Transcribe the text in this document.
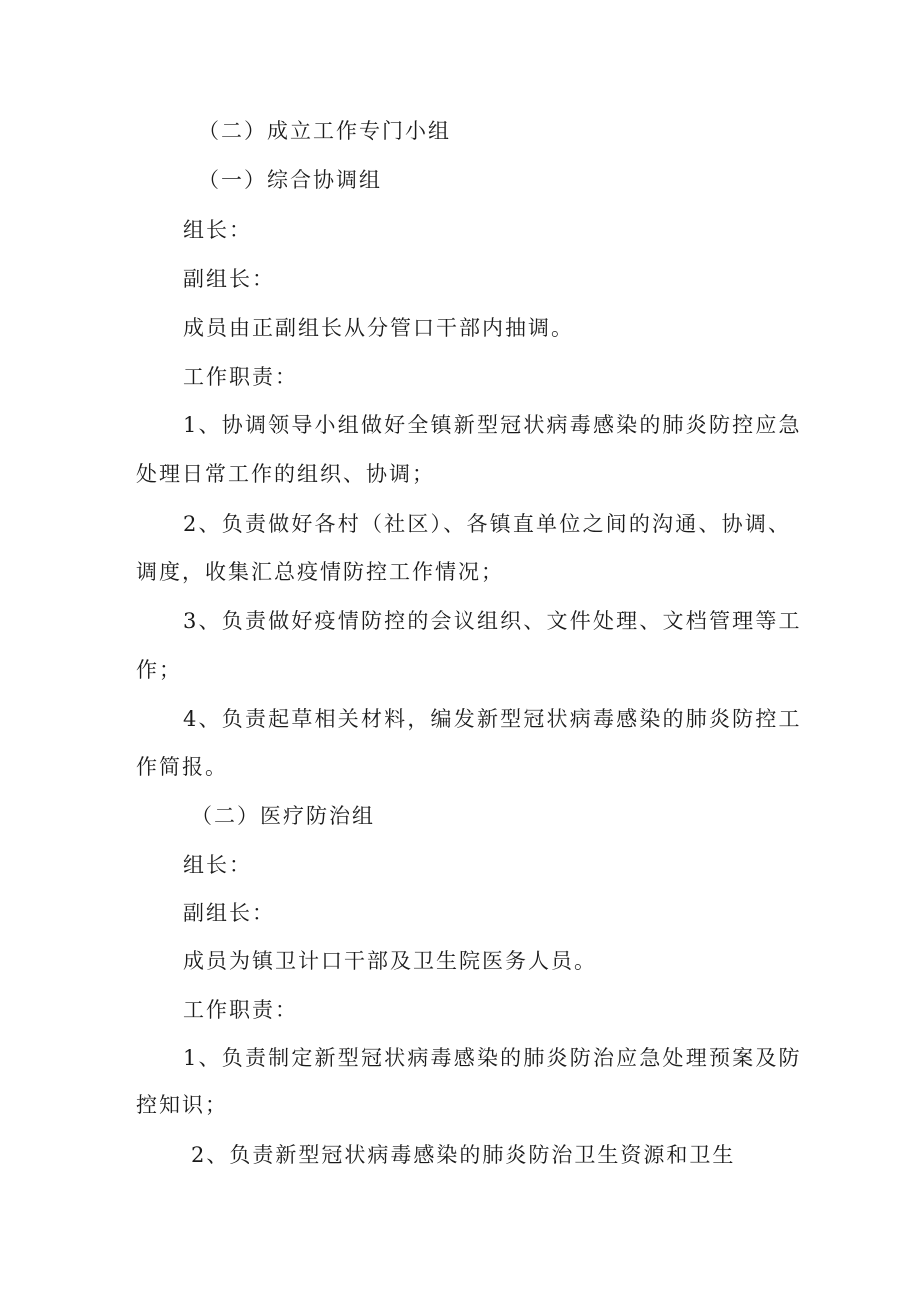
（二）成立工作专门小组
（一）综合协调组
组长：
副组长：
成员由正副组长从分管口干部内抽调。
工作职责：
1、协调领导小组做好全镇新型冠状病毒感染的肺炎防控应急
处理日常工作的组织、协调；
2、负责做好各村（社区）、各镇直单位之间的沟通、协调、
调度，收集汇总疫情防控工作情况；
3、负责做好疫情防控的会议组织、文件处理、文档管理等工
作；
4、负责起草相关材料，编发新型冠状病毒感染的肺炎防控工
作简报。
（二）医疗防治组
组长：
副组长：
成员为镇卫计口干部及卫生院医务人员。
工作职责：
1、负责制定新型冠状病毒感染的肺炎防治应急处理预案及防
控知识；
2、负责新型冠状病毒感染的肺炎防治卫生资源和卫生
